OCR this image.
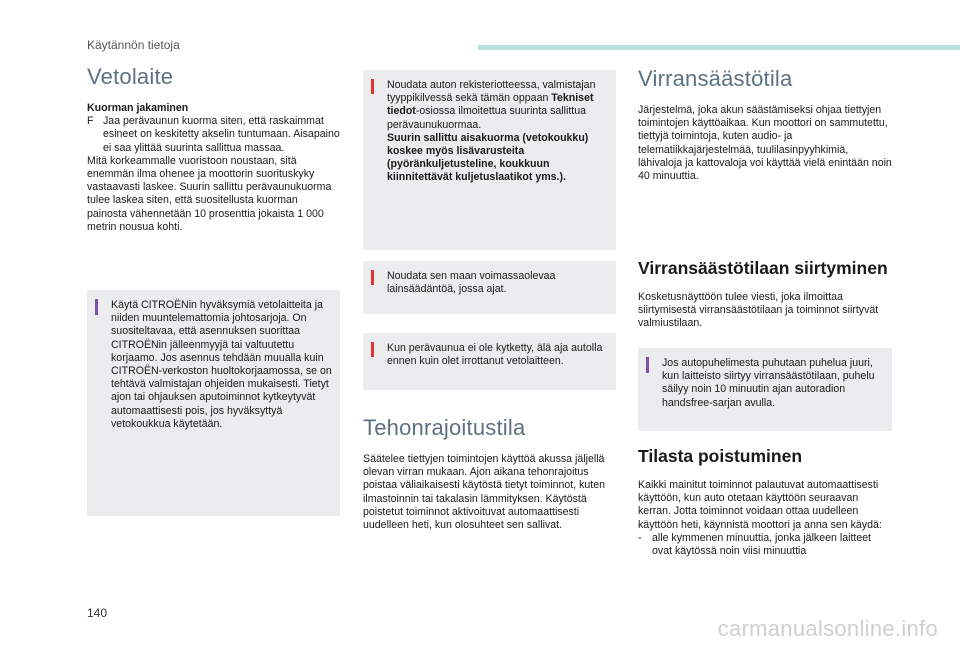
Käytännön tietoja
Vetolaite

Kuorman jakaminen

F Jaa perävaunun kuorma siten, että raskaimmat esineet on keskitetty akselin tuntumaan. Aisapaino ei saa ylittää suurinta sallittua massaa.

Mitä korkeammalle vuoristoon noustaan, sitä enemmän ilma ohenee ja moottorin suorituskyky vastaavasti laskee. Suurin sallittu perävaunukuorma tulee laskea siten, että suositellusta kuorman painosta vähennetään 10 prosenttia jokaista 1 000 metrin nousua kohti.

Käytä CITROËNin hyväksymiä vetolaitteita ja niiden muuntelemattomia johtosarjoja. On suositeltavaa, että asennuksen suorittaa CITROËNin jälleenmyyjä tai valtuutettu korjaamo. Jos asennus tehdään muualla kuin CITROËN-verkoston huoltokorjaamossa, se on tehtävä valmistajan ohjeiden mukaisesti. Tietyt ajon tai ohjauksen aputoiminnot kytkeytyvät automaattisesti pois, jos hyväksyttyä vetokoukkua käytetään.

Noudata auton rekisteriotteessa, valmistajan tyyppikilvessä sekä tämän oppaan Tekniset tiedot-osiossa ilmoitettua suurinta sallittua perävaunukuormaa.

Suurin sallittu aisakuorma (vetokoukku) koskee myös lisävarusteita (pyöränkuljetusteline, koukkuun kiinnitettävät kuljetuslaatikot yms.).

Noudata sen maan voimassaolevaa lainsäädäntöä, jossa ajat.

Kun perävaunua ei ole kytketty, älä aja autolla ennen kuin olet irrottanut vetolaitteen.

Tehonrajoitustila

Säätelee tiettyjen toimintojen käyttöä akussa jäljellä olevan virran mukaan. Ajon aikana tehonrajoitus poistaa väliaikaisesti käytöstä tietyt toiminnot, kuten ilmastoinnin tai takalasin lämmityksen. Käytöstä poistetut toiminnot aktivoituvat automaattisesti uudelleen heti, kun olosuhteet sen sallivat.

Virransäästötila

Järjestelmä, joka akun säästämiseksi ohjaa tiettyjen toimintojen käyttöaikaa. Kun moottori on sammutettu, tiettyjä toimintoja, kuten audio- ja telematiikkajärjestelmää, tuulilasinpyyhkimiä, lähivaloja ja kattovaloja voi käyttää vielä enintään noin 40 minuuttia.

Virransäästötilaan siirtyminen

Kosketusnäyttöön tulee viesti, joka ilmoittaa siirtymisestä virransäästötilaan ja toiminnot siirtyvät valmiustilaan.

Jos autopuhelimesta puhutaan puhelua juuri, kun laitteisto siirtyy virransäästötilaan, puhelu säilyy noin 10 minuutin ajan autoradion handsfree-sarjan avulla.

Tilasta poistuminen

Kaikki mainitut toiminnot palautuvat automaattisesti käyttöön, kun auto otetaan käyttöön seuraavan kerran. Jotta toiminnot voidaan ottaa uudelleen käyttöön heti, käynnistä moottori ja anna sen käydä:

- alle kymmenen minuuttia, jonka jälkeen laitteet ovat käytössä noin viisi minuuttia

140
carmanualsonline.info
